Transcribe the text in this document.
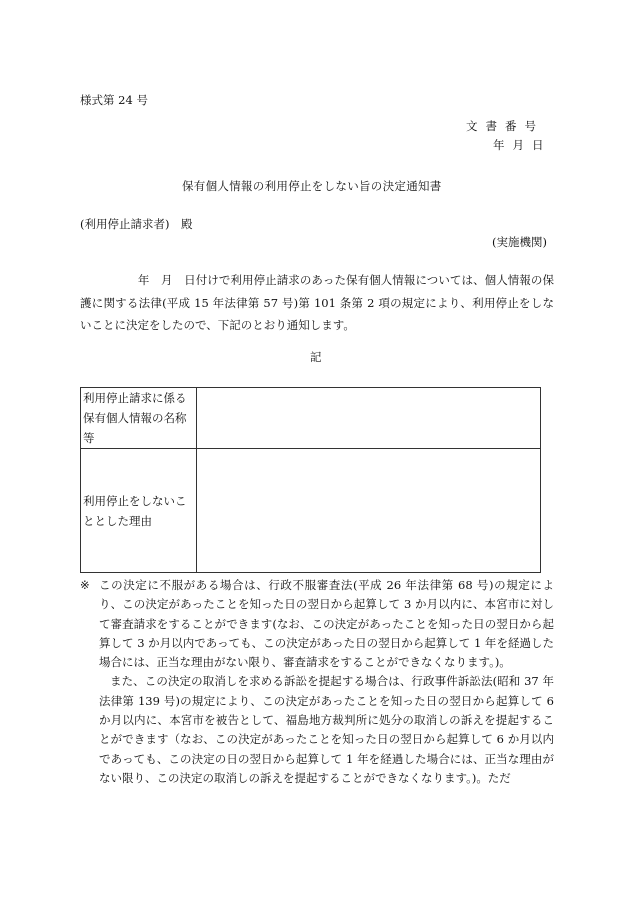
様式第 24 号
文書番号
年月日
保有個人情報の利用停止をしない旨の決定通知書
(利用停止請求者)　殿
(実施機関)

　　　　　年　月　日付けで利用停止請求のあった保有個人情報については、個人情報の保護に関する法律(平成 15 年法律第 57 号)第 101 条第 2 項の規定により、利用停止をしないことに決定をしたので、下記のとおり通知します。

記
利用停止請求に係る保有個人情報の名称等	
利用停止をしないこととした理由	
※ この決定に不服がある場合は、行政不服審査法(平成 26 年法律第 68 号)の規定により、この決定があったことを知った日の翌日から起算して 3 か月以内に、本宮市に対して審査請求をすることができます(なお、この決定があったことを知った日の翌日から起算して 3 か月以内であっても、この決定があった日の翌日から起算して 1 年を経過した場合には、正当な理由がない限り、審査請求をすることができなくなります。)。

また、この決定の取消しを求める訴訟を提起する場合は、行政事件訴訟法(昭和 37 年法律第 139 号)の規定により、この決定があったことを知った日の翌日から起算して 6 か月以内に、本宮市を被告として、福島地方裁判所に処分の取消しの訴えを提起することができます（なお、この決定があったことを知った日の翌日から起算して 6 か月以内であっても、この決定の日の翌日から起算して 1 年を経過した場合には、正当な理由がない限り、この決定の取消しの訴えを提起することができなくなります。)。ただ
